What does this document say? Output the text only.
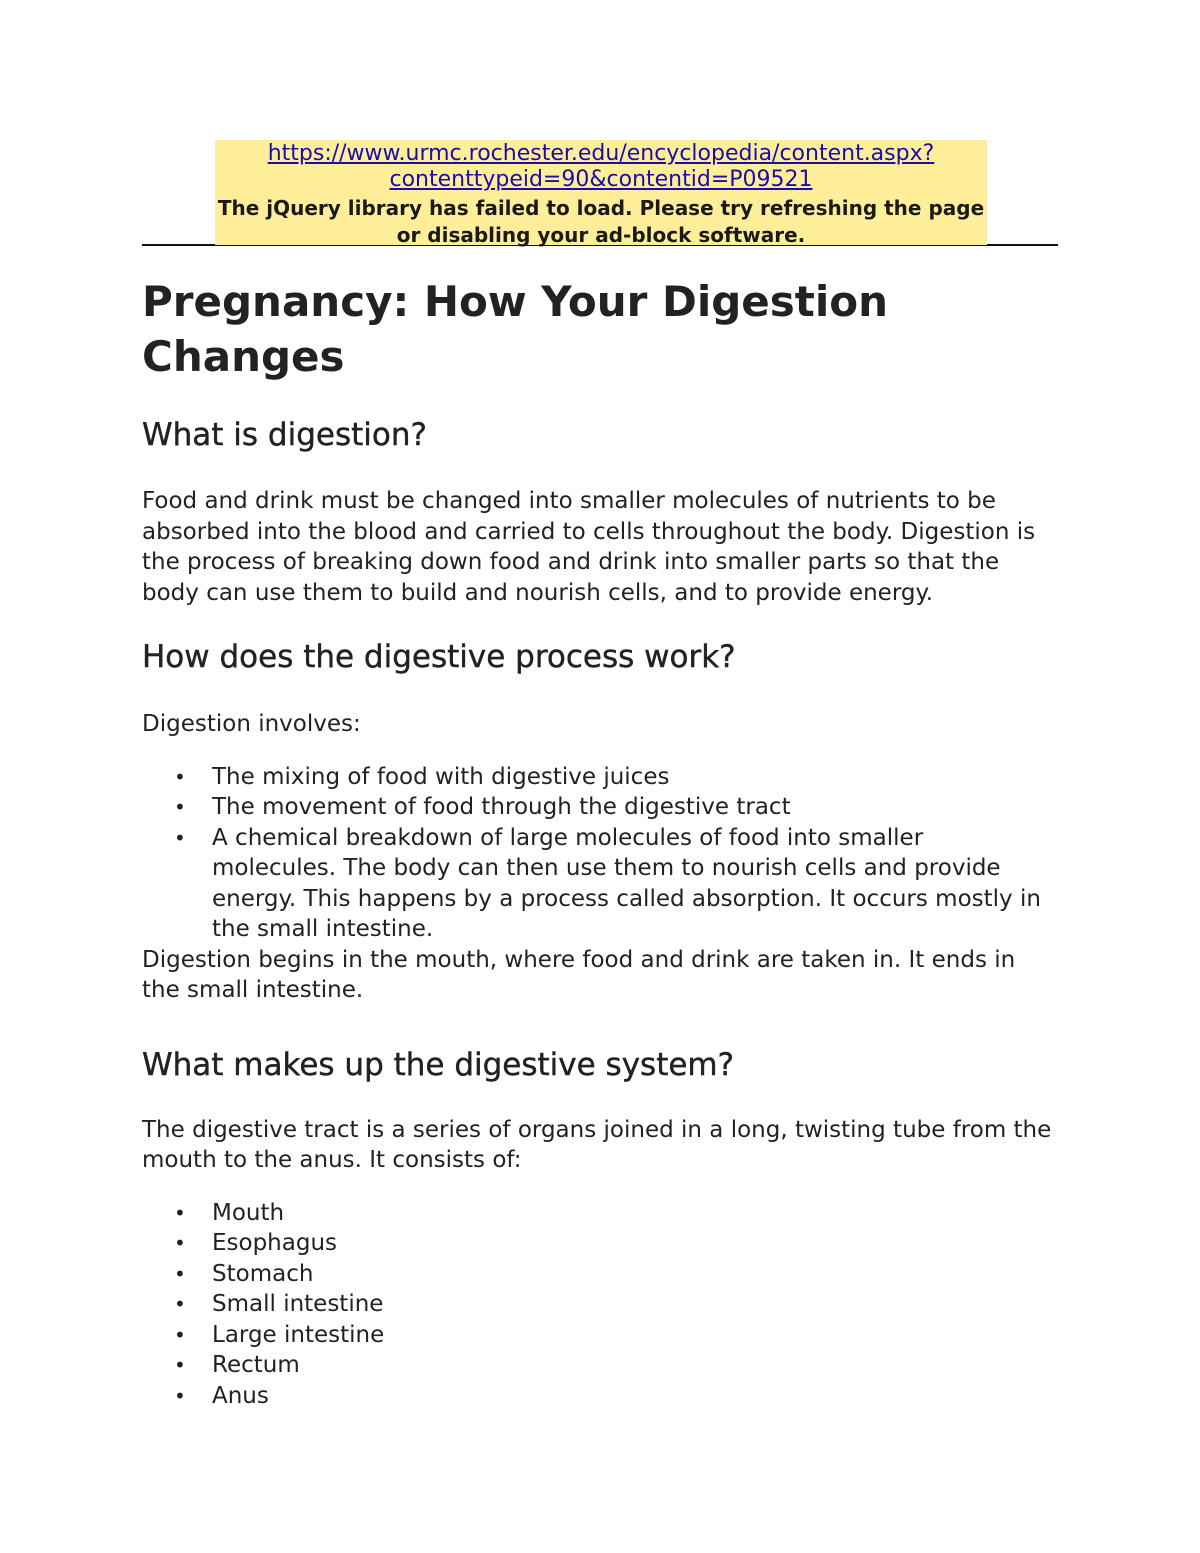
https://www.urmc.rochester.edu/encyclopedia/content.aspx?
contenttypeid=90&contentid=P09521
The jQuery library has failed to load. Please try refreshing the page
or disabling your ad-block software.
Pregnancy: How Your Digestion
Changes
What is digestion?

Food and drink must be changed into smaller molecules of nutrients to be
absorbed into the blood and carried to cells throughout the body. Digestion is
the process of breaking down food and drink into smaller parts so that the
body can use them to build and nourish cells, and to provide energy.

How does the digestive process work?

Digestion involves:

• The mixing of food with digestive juices
• The movement of food through the digestive tract
• A chemical breakdown of large molecules of food into smaller
molecules. The body can then use them to nourish cells and provide
energy. This happens by a process called absorption. It occurs mostly in
the small intestine.

Digestion begins in the mouth, where food and drink are taken in. It ends in
the small intestine.

What makes up the digestive system?

The digestive tract is a series of organs joined in a long, twisting tube from the
mouth to the anus. It consists of:

• Mouth
• Esophagus
• Stomach
• Small intestine
• Large intestine
• Rectum
• Anus
